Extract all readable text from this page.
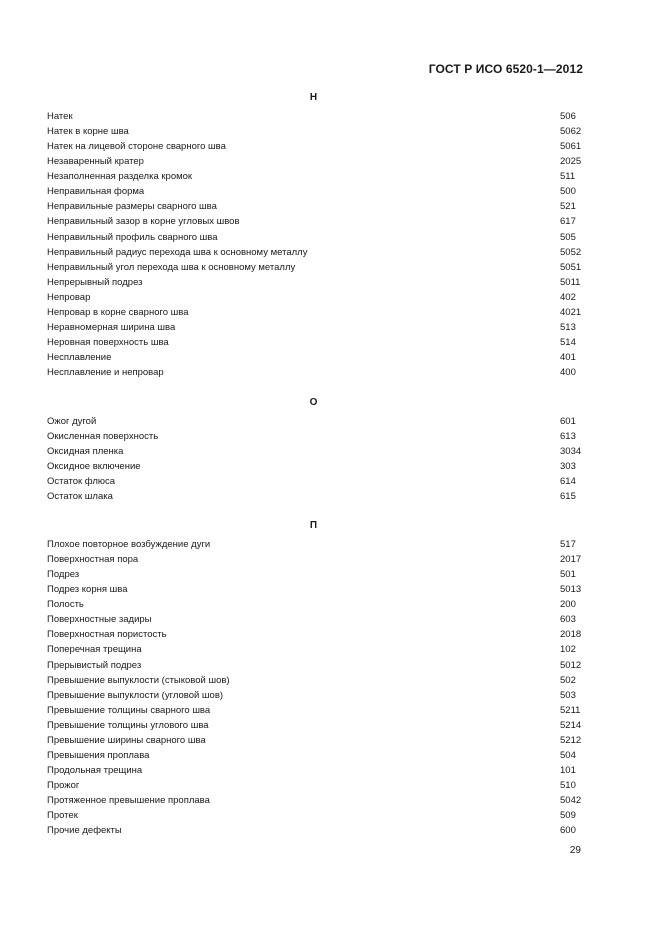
ГОСТ Р ИСО 6520-1—2012
Н
Натек	506
Натек в корне шва	5062
Натек на лицевой стороне сварного шва	5061
Незаваренный кратер	2025
Незаполненная разделка кромок	511
Неправильная форма	500
Неправильные размеры сварного шва	521
Неправильный зазор в корне угловых швов	617
Неправильный профиль сварного шва	505
Неправильный радиус перехода шва к основному металлу	5052
Неправильный угол перехода шва к основному металлу	5051
Непрерывный подрез	5011
Непровар	402
Непровар в корне сварного шва	4021
Неравномерная ширина шва	513
Неровная поверхность шва	514
Несплавление	401
Несплавление и непровар	400
О
Ожог дугой	601
Окисленная поверхность	613
Оксидная пленка	3034
Оксидное включение	303
Остаток флюса	614
Остаток шлака	615
П
Плохое повторное возбуждение дуги	517
Поверхностная пора	2017
Подрез	501
Подрез корня шва	5013
Полость	200
Поверхностные задиры	603
Поверхностная пористость	2018
Поперечная трещина	102
Прерывистый подрез	5012
Превышение выпуклости (стыковой шов)	502
Превышение выпуклости (угловой шов)	503
Превышение толщины сварного шва	5211
Превышение толщины углового шва	5214
Превышение ширины сварного шва	5212
Превышения проплава	504
Продольная трещина	101
Прожог	510
Протяженное превышение проплава	5042
Протек	509
Прочие дефекты	600
29
